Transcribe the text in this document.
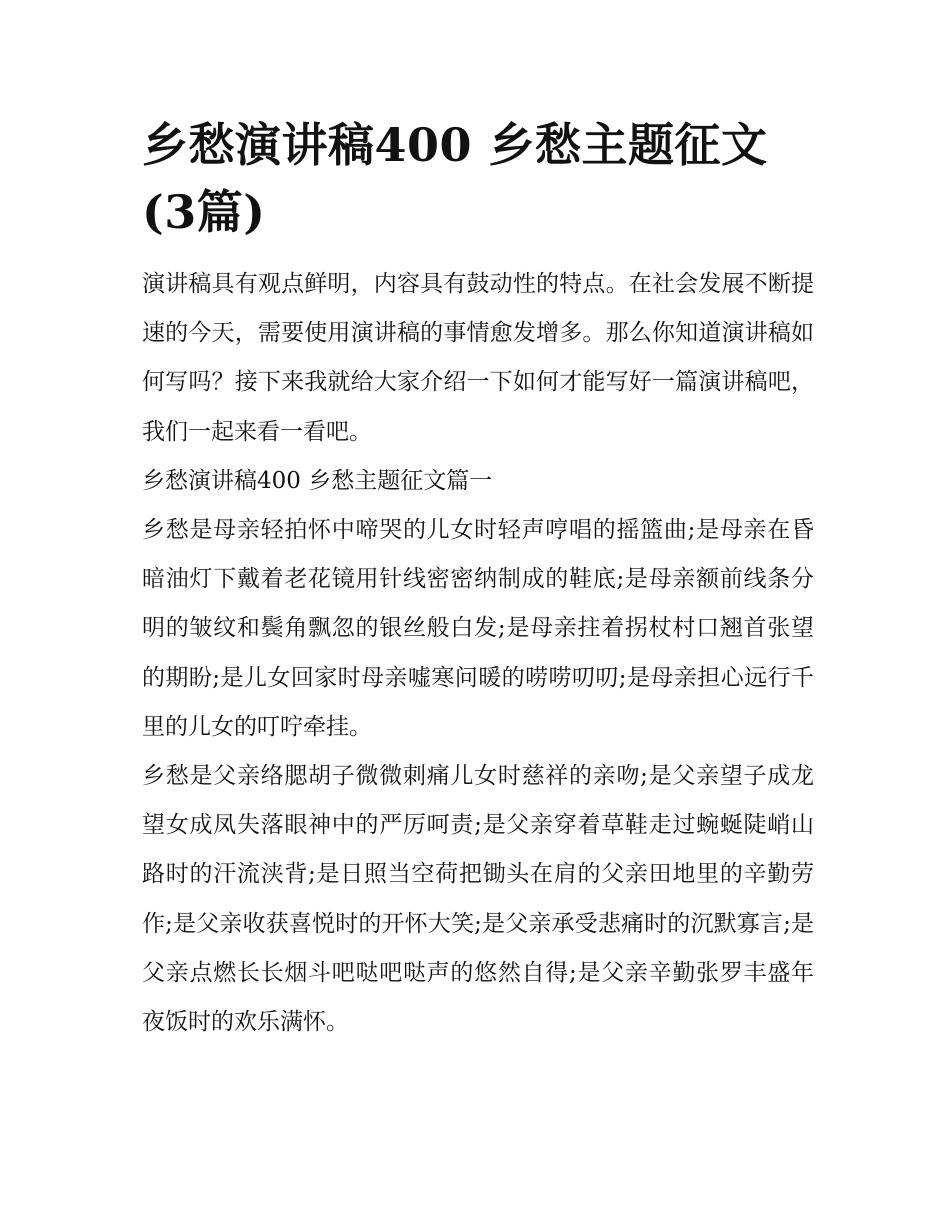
乡愁演讲稿400 乡愁主题征文(3篇)

演讲稿具有观点鲜明，内容具有鼓动性的特点。在社会发展不断提速的今天，需要使用演讲稿的事情愈发增多。那么你知道演讲稿如何写吗？接下来我就给大家介绍一下如何才能写好一篇演讲稿吧，我们一起来看一看吧。

乡愁演讲稿400 乡愁主题征文篇一

乡愁是母亲轻拍怀中啼哭的儿女时轻声哼唱的摇篮曲;是母亲在昏暗油灯下戴着老花镜用针线密密纳制成的鞋底;是母亲额前线条分明的皱纹和鬓角飘忽的银丝般白发;是母亲拄着拐杖村口翘首张望的期盼;是儿女回家时母亲嘘寒问暖的唠唠叨叨;是母亲担心远行千里的儿女的叮咛牵挂。

乡愁是父亲络腮胡子微微刺痛儿女时慈祥的亲吻;是父亲望子成龙望女成凤失落眼神中的严厉呵责;是父亲穿着草鞋走过蜿蜒陡峭山路时的汗流浃背;是日照当空荷把锄头在肩的父亲田地里的辛勤劳作;是父亲收获喜悦时的开怀大笑;是父亲承受悲痛时的沉默寡言;是父亲点燃长长烟斗吧哒吧哒声的悠然自得;是父亲辛勤张罗丰盛年夜饭时的欢乐满怀。
